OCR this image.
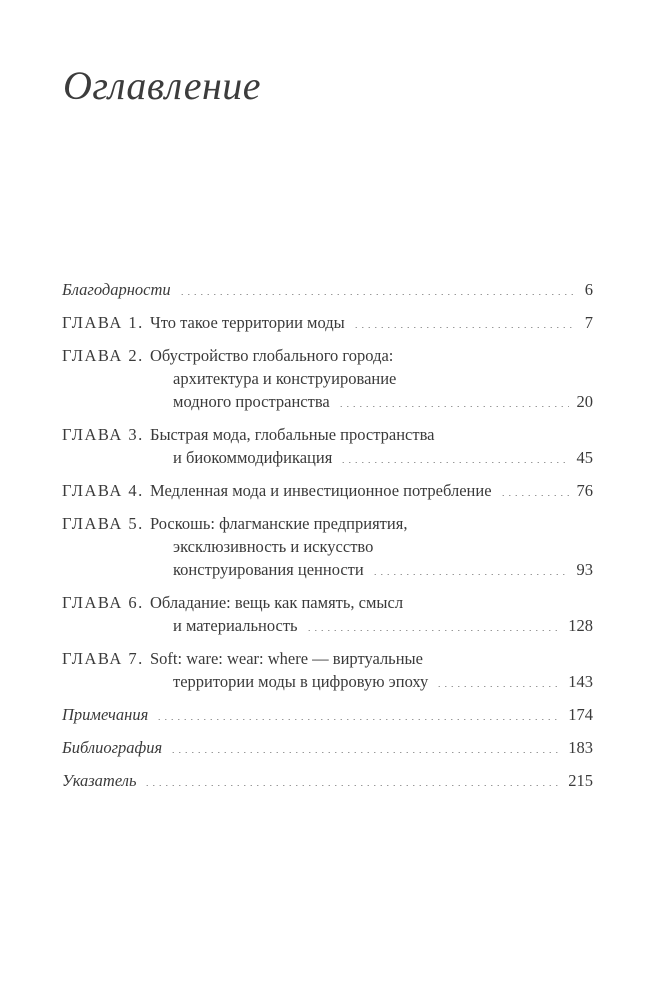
Оглавление
Благодарности	6
ГЛАВА 1. Что такое территории моды	7
ГЛАВА 2. Обустройство глобального города:
архитектура и конструирование
модного пространства	20
ГЛАВА 3. Быстрая мода, глобальные пространства
и биокоммодификация	45
ГЛАВА 4. Медленная мода и инвестиционное потребление	76
ГЛАВА 5. Роскошь: флагманские предприятия,
эксклюзивность и искусство
конструирования ценности	93
ГЛАВА 6. Обладание: вещь как память, смысл
и материальность	128
ГЛАВА 7. Soft: ware: wear: where — виртуальные
территории моды в цифровую эпоху	143
Примечания	174
Библиография	183
Указатель	215
